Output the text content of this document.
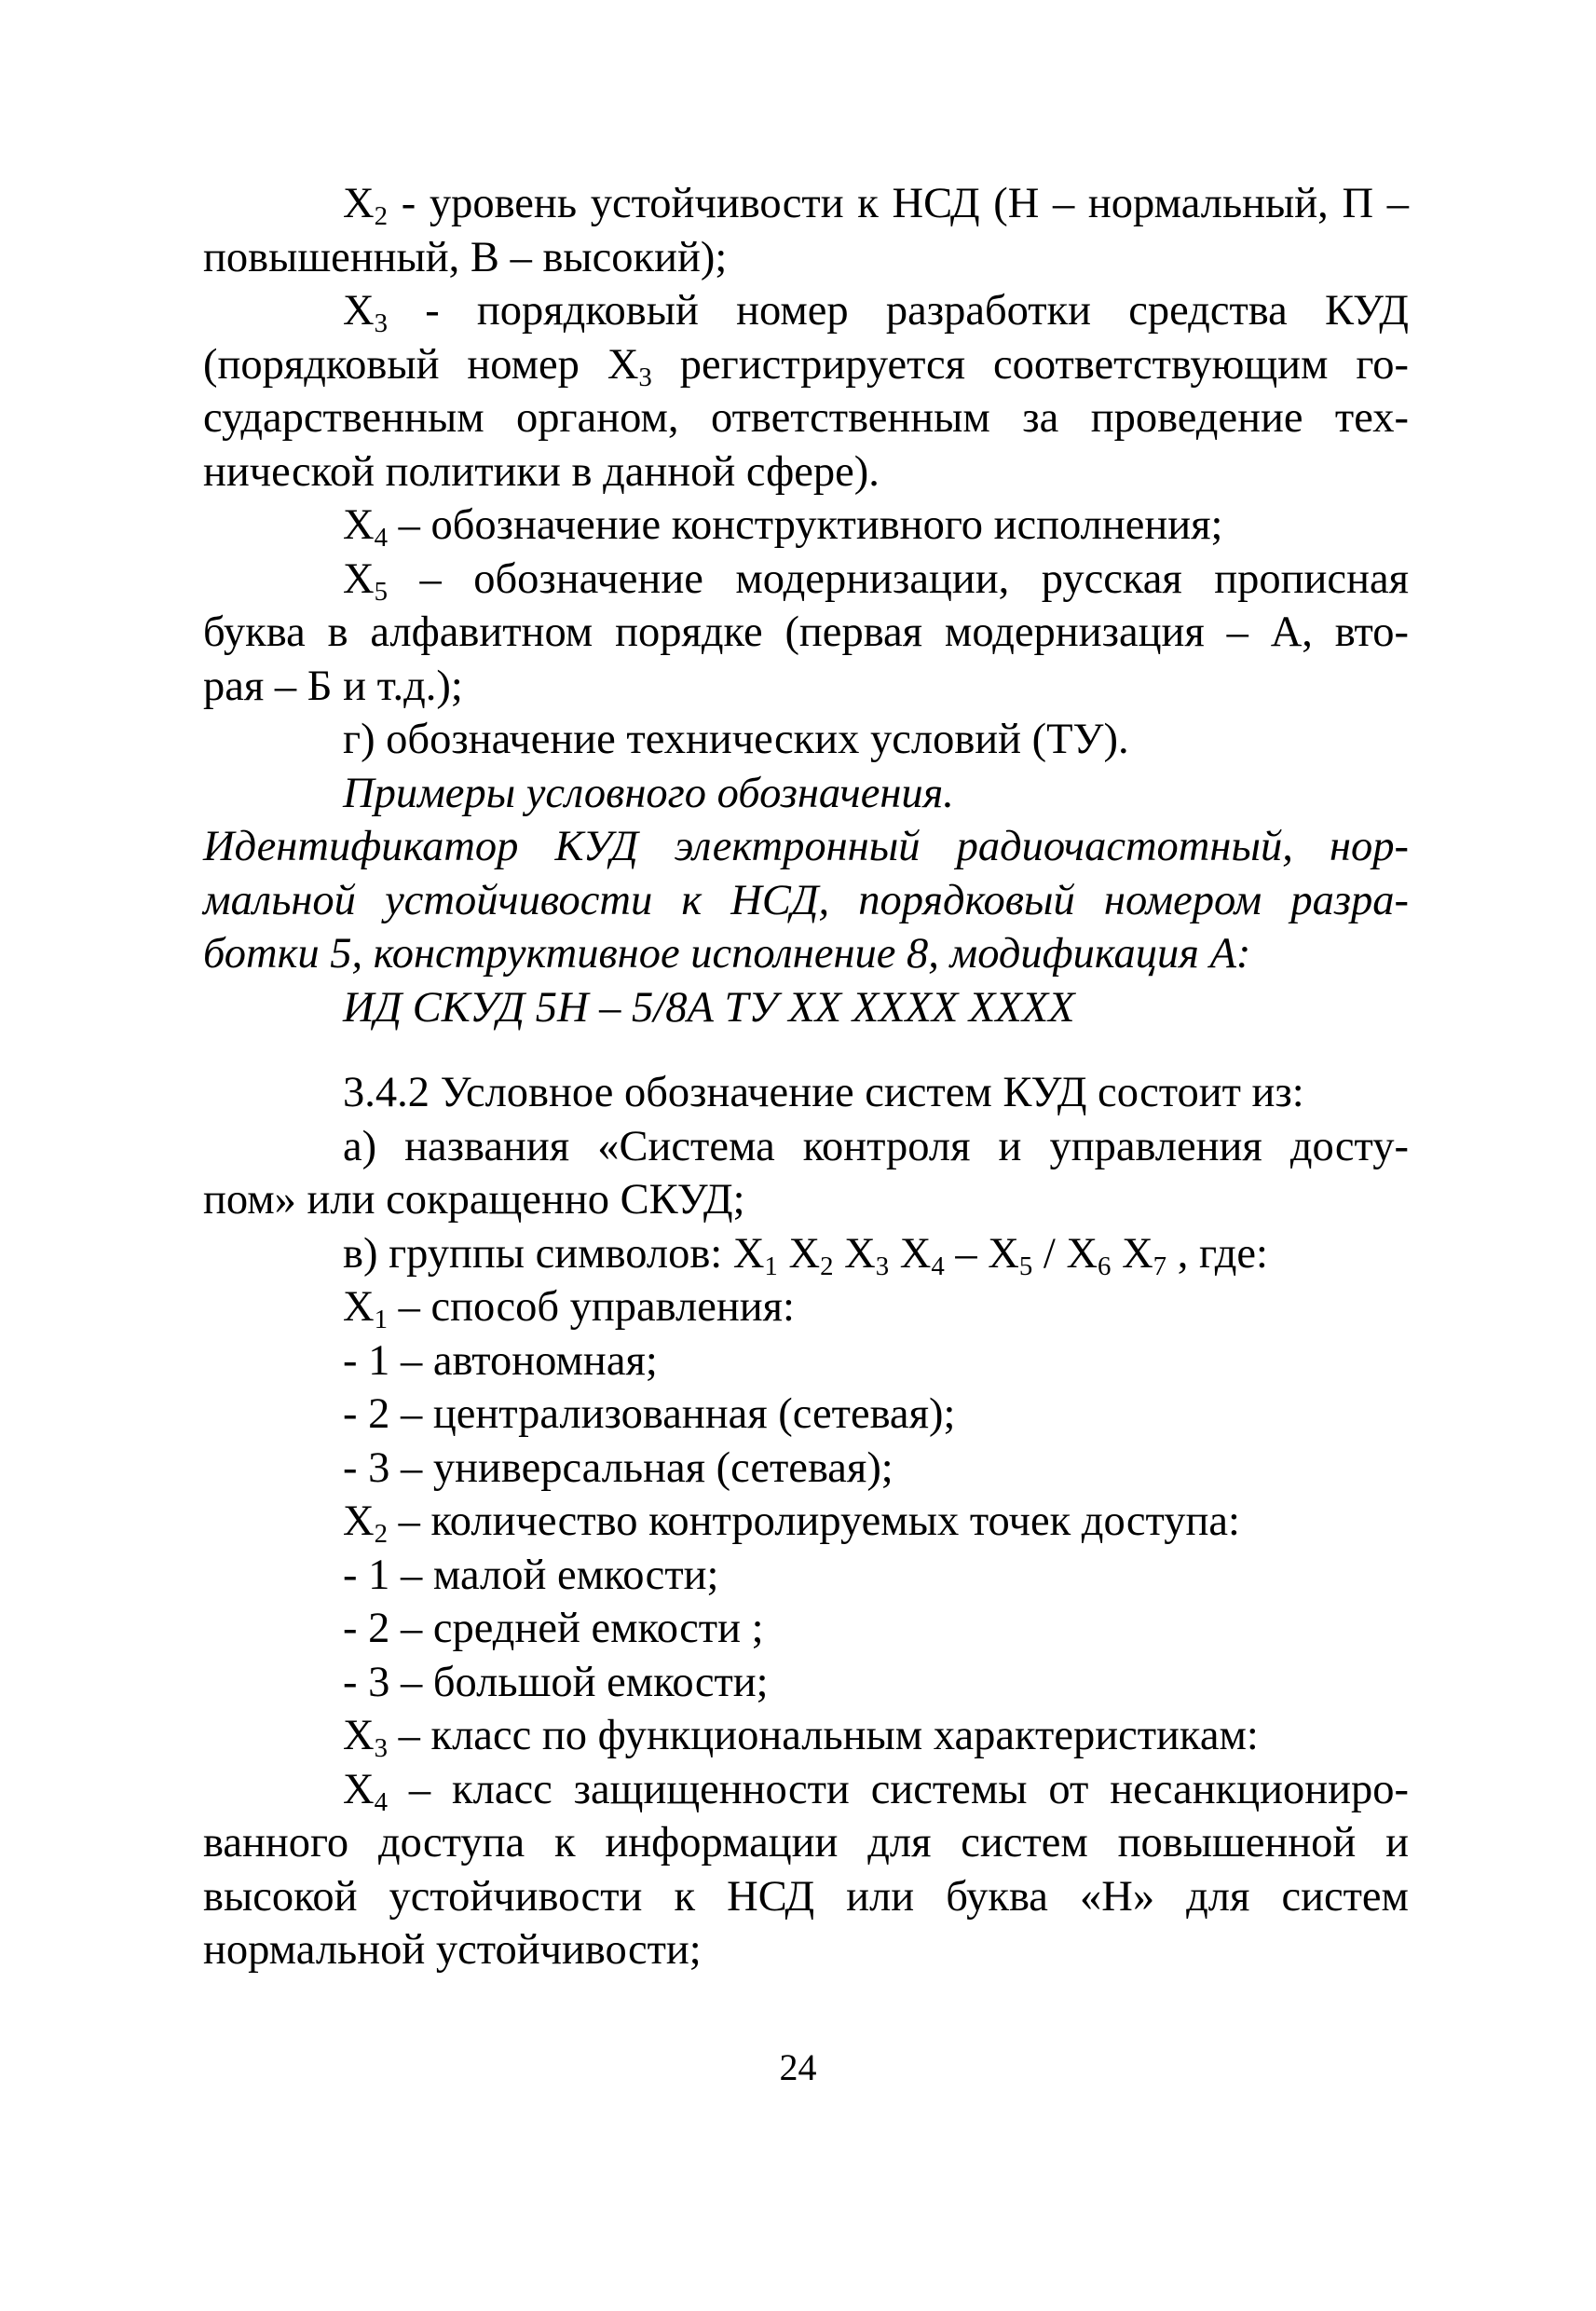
$X_2$ - уровень устойчивости к НСД (Н – нормальный, П –
повышенный, В – высокий);
$X_3$ - порядковый номер разработки средства КУД
(порядковый номер $X_3$ регистрируется соответствующим го-
сударственным органом, ответственным за проведение тех-
нической политики в данной сфере).
$X_4$ – обозначение конструктивного исполнения;
$X_5$ – обозначение модернизации, русская прописная
буква в алфавитном порядке (первая модернизация – А, вто-
рая – Б и т.д.);
г) обозначение технических условий (ТУ).
Примеры условного обозначения.
Идентификатор КУД электронный радиочастотный, нор-
мальной устойчивости к НСД, порядковый номером разра-
ботки 5, конструктивное исполнение 8, модификация А:
ИД СКУД 5Н – 5/8А ТУ ХХ ХХХХ ХХХХ
3.4.2 Условное обозначение систем КУД состоит из:
а) названия «Система контроля и управления досту-
пом» или сокращенно СКУД;
в) группы символов: $X_1$ $X_2$ $X_3$ $X_4 - X_5 / X_6$ $X_7$ , где:
$X_1$ – способ управления:
- 1 – автономная;
- 2 – централизованная (сетевая);
- 3 – универсальная (сетевая);
$X_2$ – количество контролируемых точек доступа:
- 1 – малой емкости;
- 2 – средней емкости ;
- 3 – большой емкости;
$X_3$ – класс по функциональным характеристикам:
$X_4$ – класс защищенности системы от несанкциониро-
ванного доступа к информации для систем повышенной и
высокой устойчивости к НСД или буква «Н» для систем
нормальной устойчивости;
24
